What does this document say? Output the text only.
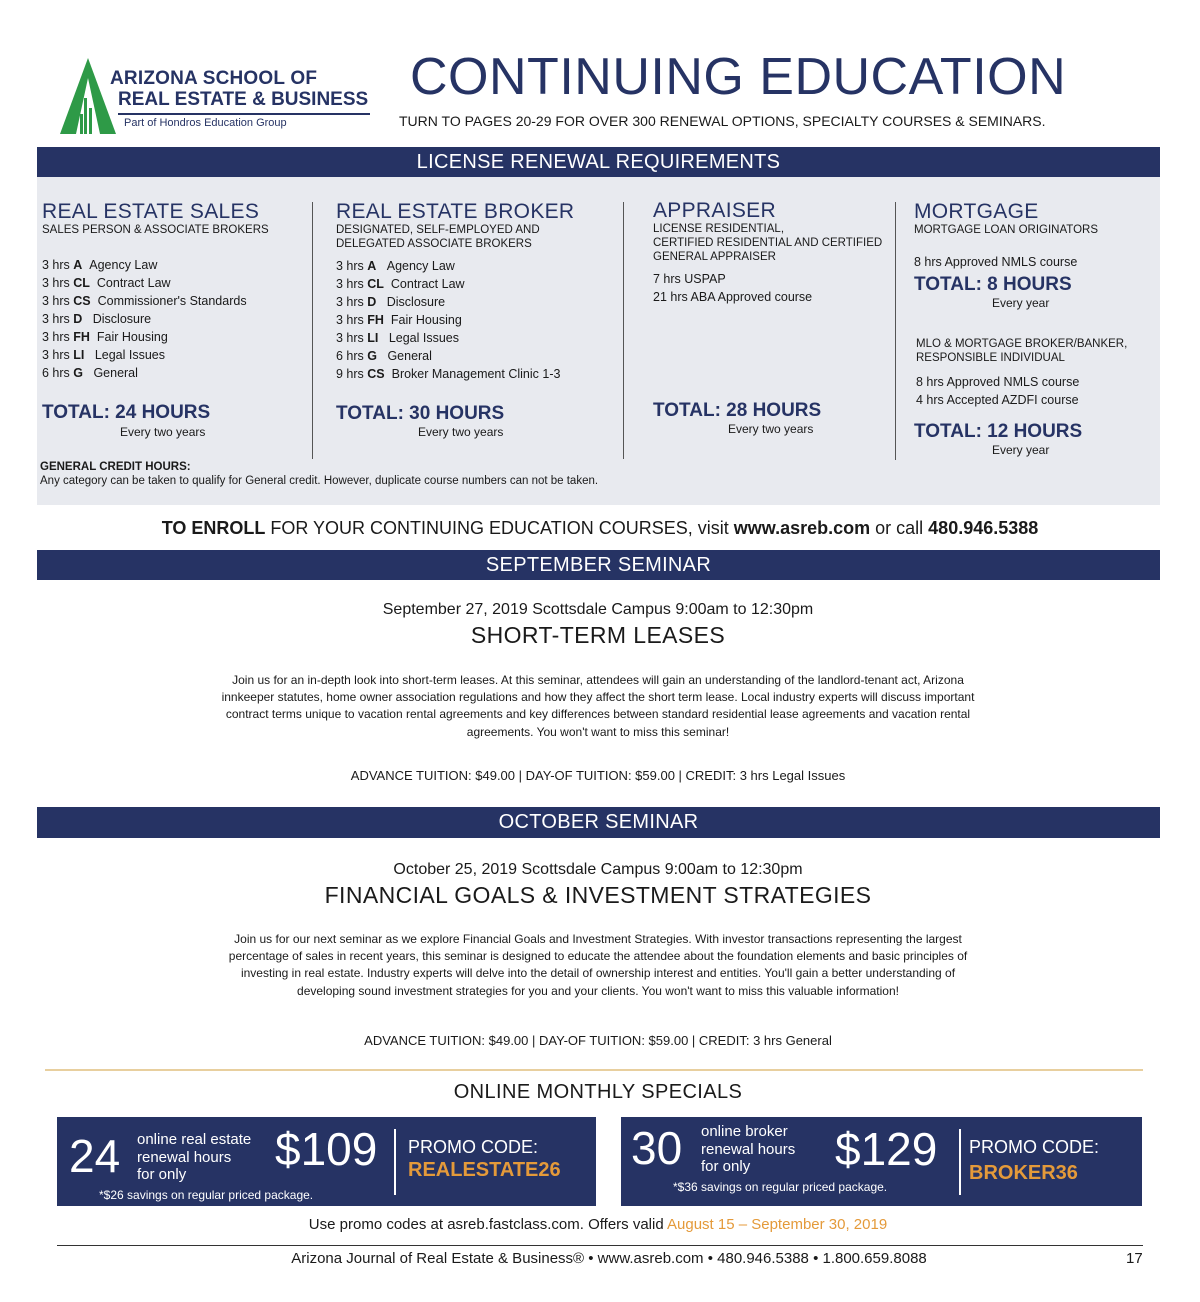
ARIZONA SCHOOL OF
REAL ESTATE & BUSINESS
Part of Hondros Education Group
CONTINUING EDUCATION
TURN TO PAGES 20-29 FOR OVER 300 RENEWAL OPTIONS, SPECIALTY COURSES & SEMINARS.
LICENSE RENEWAL REQUIREMENTS
REAL ESTATE SALES
SALES PERSON & ASSOCIATE BROKERS
3 hrs A Agency Law
3 hrs CL Contract Law
3 hrs CS Commissioner's Standards
3 hrs D Disclosure
3 hrs FH Fair Housing
3 hrs LI Legal Issues
6 hrs G General
TOTAL: 24 HOURS
Every two years
REAL ESTATE BROKER
DESIGNATED, SELF-EMPLOYED AND
DELEGATED ASSOCIATE BROKERS
3 hrs A Agency Law
3 hrs CL Contract Law
3 hrs D Disclosure
3 hrs FH Fair Housing
3 hrs LI Legal Issues
6 hrs G General
9 hrs CS Broker Management Clinic 1-3
TOTAL: 30 HOURS
Every two years
APPRAISER
LICENSE RESIDENTIAL,
CERTIFIED RESIDENTIAL AND CERTIFIED
GENERAL APPRAISER
7 hrs USPAP
21 hrs ABA Approved course
TOTAL: 28 HOURS
Every two years
MORTGAGE
MORTGAGE LOAN ORIGINATORS
8 hrs Approved NMLS course
TOTAL: 8 HOURS
Every year
MLO & MORTGAGE BROKER/BANKER,
RESPONSIBLE INDIVIDUAL
8 hrs Approved NMLS course
4 hrs Accepted AZDFI course
TOTAL: 12 HOURS
Every year
GENERAL CREDIT HOURS:
Any category can be taken to qualify for General credit. However, duplicate course numbers can not be taken.
TO ENROLL FOR YOUR CONTINUING EDUCATION COURSES, visit www.asreb.com or call 480.946.5388
SEPTEMBER SEMINAR
September 27, 2019 Scottsdale Campus 9:00am to 12:30pm
SHORT-TERM LEASES
Join us for an in-depth look into short-term leases. At this seminar, attendees will gain an understanding of the landlord-tenant act, Arizona innkeeper statutes, home owner association regulations and how they affect the short term lease. Local industry experts will discuss important contract terms unique to vacation rental agreements and key differences between standard residential lease agreements and vacation rental agreements. You won't want to miss this seminar!
ADVANCE TUITION: $49.00 | DAY-OF TUITION: $59.00 | CREDIT: 3 hrs Legal Issues
OCTOBER SEMINAR
October 25, 2019 Scottsdale Campus 9:00am to 12:30pm
FINANCIAL GOALS & INVESTMENT STRATEGIES
Join us for our next seminar as we explore Financial Goals and Investment Strategies. With investor transactions representing the largest percentage of sales in recent years, this seminar is designed to educate the attendee about the foundation elements and basic principles of investing in real estate. Industry experts will delve into the detail of ownership interest and entities. You'll gain a better understanding of developing sound investment strategies for you and your clients. You won't want to miss this valuable information!
ADVANCE TUITION: $49.00 | DAY-OF TUITION: $59.00 | CREDIT: 3 hrs General
ONLINE MONTHLY SPECIALS
24 online real estate
renewal hours
for only	$109 PROMO CODE:
REALESTATE26
*$26 savings on regular priced package.
30 online broker
renewal hours
for only	$129 PROMO CODE:
BROKER36
*$36 savings on regular priced package.
Use promo codes at asreb.fastclass.com. Offers valid August 15 – September 30, 2019
Arizona Journal of Real Estate & Business® • www.asreb.com • 480.946.5388 • 1.800.659.8088	17
